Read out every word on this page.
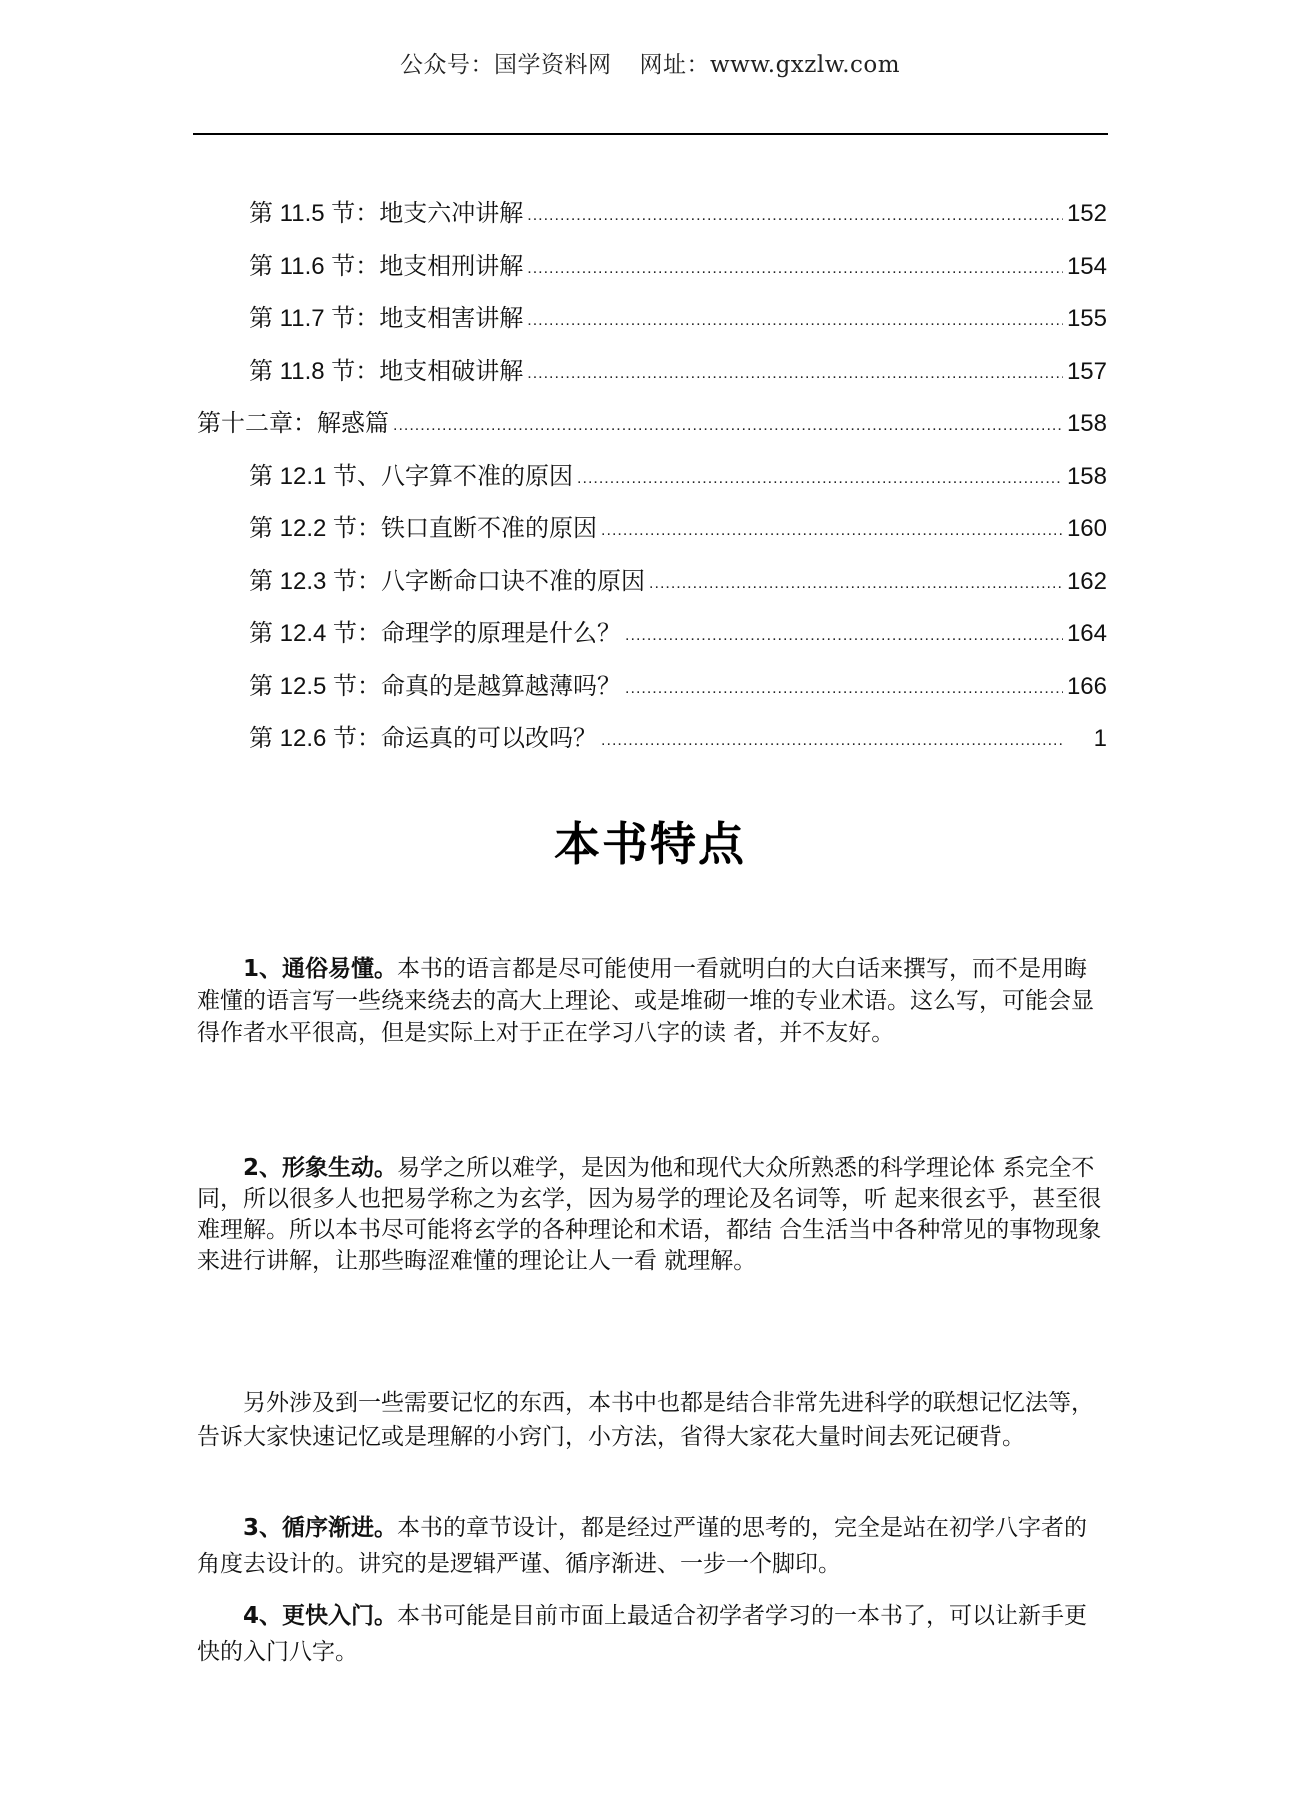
公众号：国学资料网 网址：www.gxzlw.com
第 11.5 节：地支六冲讲解 .....	152
第 11.6 节：地支相刑讲解 .....	154
第 11.7 节：地支相害讲解 .....	155
第 11.8 节：地支相破讲解 .....	157
第十二章：解惑篇 .....	158
第 12.1 节、八字算不准的原因 .....	158
第 12.2 节：铁口直断不准的原因 .....	160
第 12.3 节：八字断命口诀不准的原因 .....	162
第 12.4 节：命理学的原理是什么？ .....	164
第 12.5 节：命真的是越算越薄吗？ .....	166
第 12.6 节：命运真的可以改吗？ .....	1
本书特点

1、通俗易懂。本书的语言都是尽可能使用一看就明白的大白话来撰写，而不是用晦难懂的语言写一些绕来绕去的高大上理论、或是堆砌一堆的专业术语。这么写，可能会显得作者水平很高，但是实际上对于正在学习八字的读 者，并不友好。

2、形象生动。易学之所以难学，是因为他和现代大众所熟悉的科学理论体 系完全不同，所以很多人也把易学称之为玄学，因为易学的理论及名词等，听 起来很玄乎，甚至很难理解。所以本书尽可能将玄学的各种理论和术语，都结 合生活当中各种常见的事物现象来进行讲解，让那些晦涩难懂的理论让人一看 就理解。

另外涉及到一些需要记忆的东西，本书中也都是结合非常先进科学的联想记忆法等，告诉大家快速记忆或是理解的小窍门，小方法，省得大家花大量时间去死记硬背。

3、循序渐进。本书的章节设计，都是经过严谨的思考的，完全是站在初学八字者的角度去设计的。讲究的是逻辑严谨、循序渐进、一步一个脚印。

4、更快入门。本书可能是目前市面上最适合初学者学习的一本书了，可以让新手更快的入门八字。
